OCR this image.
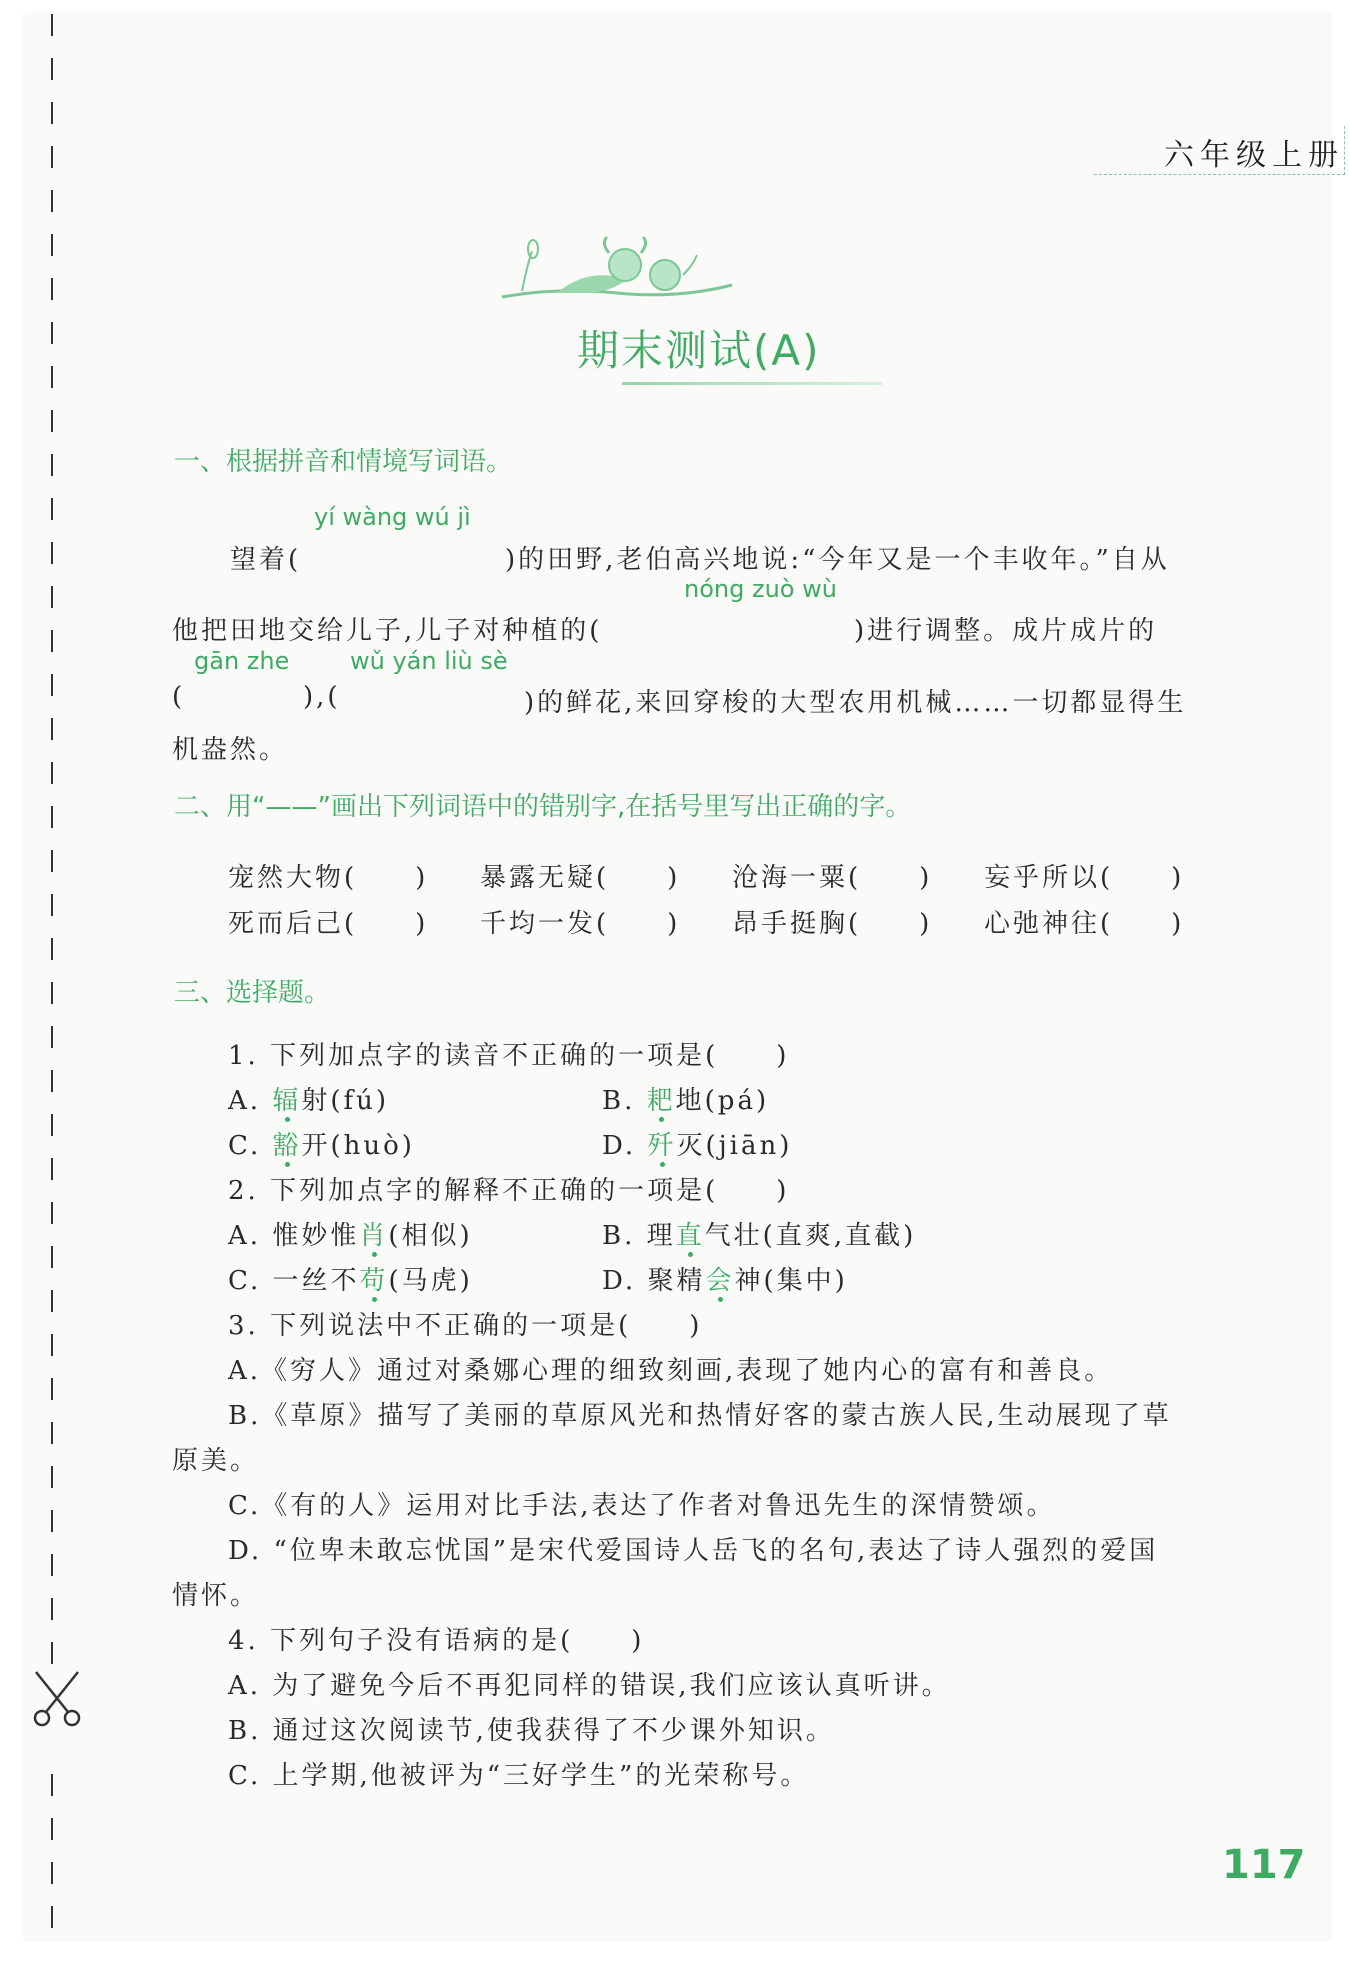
六年级上册
期末测试(A)
一、根据拼音和情境写词语。
yí wàng wú jì
望着(	)的田野,老伯高兴地说:“今年又是一个丰收年。”自从
nóng zuò wù
他把田地交给儿子,儿子对种植的(	)进行调整。成片成片的
gān zhe	wǔ yán liù sè
(	),(	)的鲜花,来回穿梭的大型农用机械……一切都显得生
机盎然。
二、用“——”画出下列词语中的错别字,在括号里写出正确的字。
宠然大物(　　) 暴露无疑(　　) 沧海一粟(　　) 妄乎所以(　　)
死而后己(　　) 千均一发(　　) 昂手挺胸(　　) 心弛神往(　　)
三、选择题。
1. 下列加点字的读音不正确的一项是(　　)
A. 辐射(fú)	B. 耙地(pá)
C. 豁开(huò)	D. 歼灭(jiān)
2. 下列加点字的解释不正确的一项是(　　)
A. 惟妙惟肖(相似)	B. 理直气壮(直爽,直截)
C. 一丝不苟(马虎)	D. 聚精会神(集中)
3. 下列说法中不正确的一项是(　　)
A.《穷人》通过对桑娜心理的细致刻画,表现了她内心的富有和善良。
B.《草原》描写了美丽的草原风光和热情好客的蒙古族人民,生动展现了草
原美。
C.《有的人》运用对比手法,表达了作者对鲁迅先生的深情赞颂。
D. “位卑未敢忘忧国”是宋代爱国诗人岳飞的名句,表达了诗人强烈的爱国
情怀。
4. 下列句子没有语病的是(　　)
A. 为了避免今后不再犯同样的错误,我们应该认真听讲。
B. 通过这次阅读节,使我获得了不少课外知识。
C. 上学期,他被评为“三好学生”的光荣称号。
117
